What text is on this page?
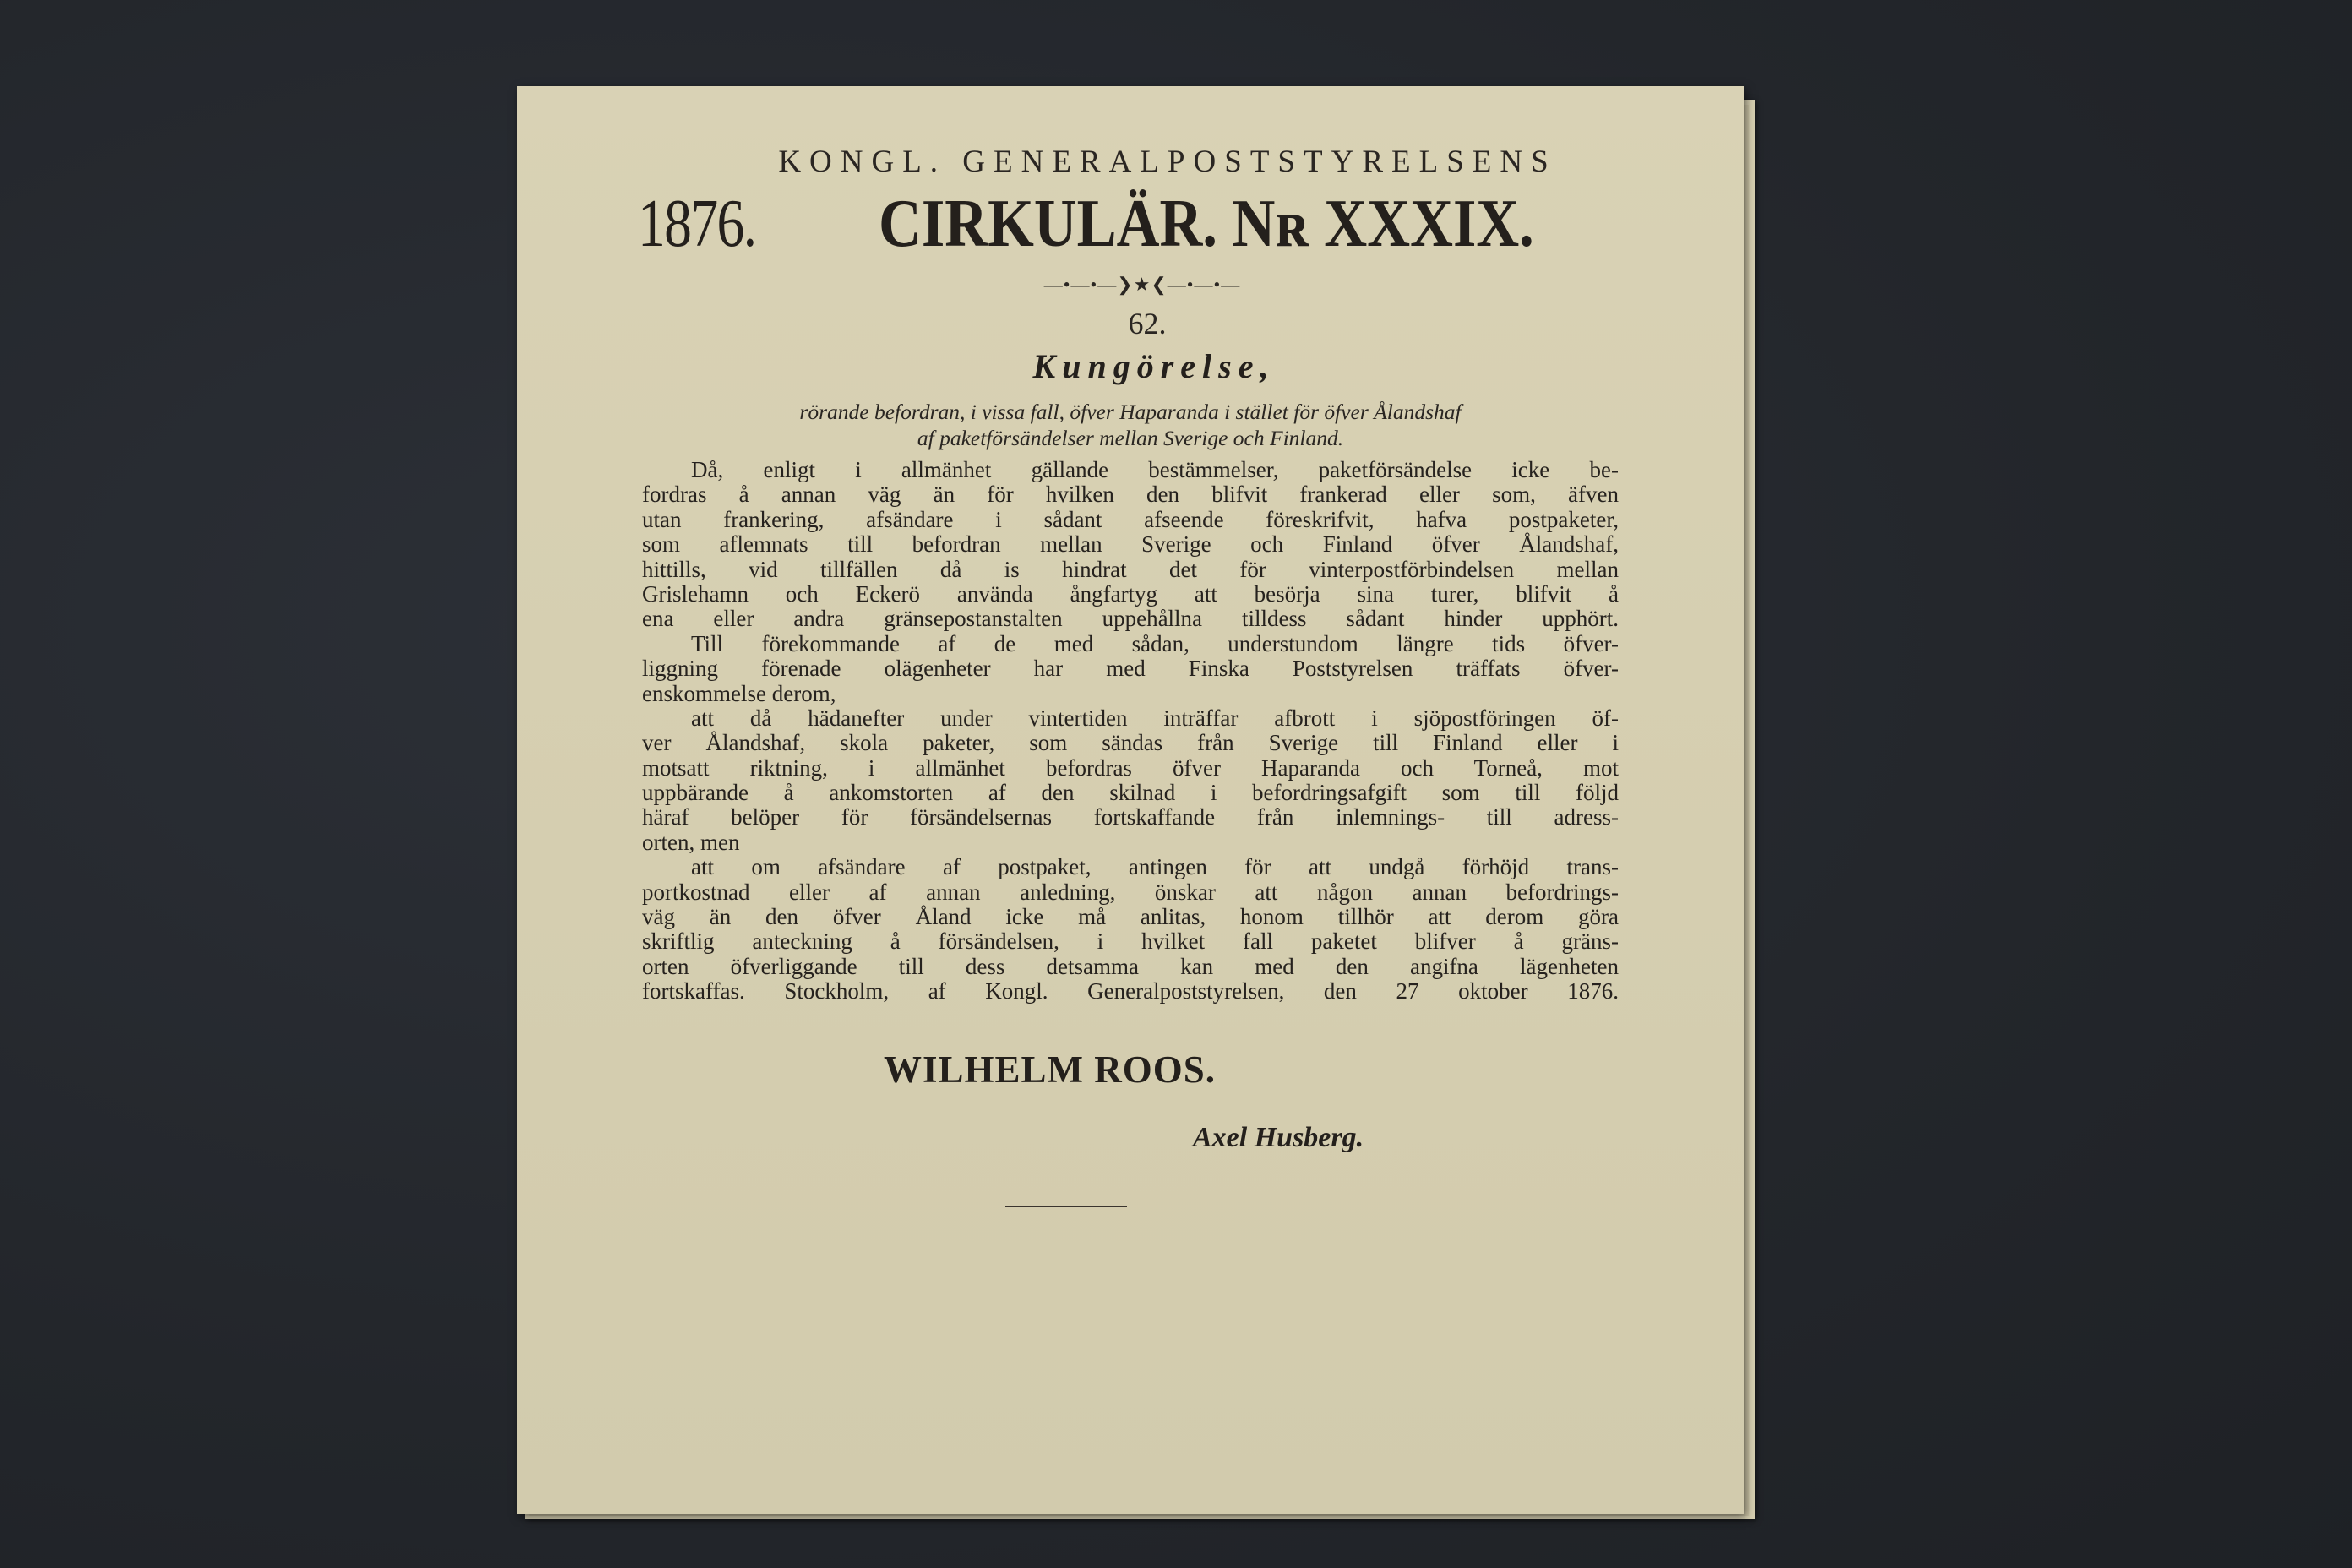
KONGL. GENERALPOSTSTYRELSENS
1876. CIRKULÄR. Nʀ XXXIX.
—•—•—❯★❮—•—•—
62.
Kungörelse,
rörande befordran, i vissa fall, öfver Haparanda i stället för öfver Ålandshaf
af paketförsändelser mellan Sverige och Finland.
Då, enligt i allmänhet gällande bestämmelser, paketförsändelse icke be-
fordras å annan väg än för hvilken den blifvit frankerad eller som, äfven
utan frankering, afsändare i sådant afseende föreskrifvit, hafva postpaketer,
som aflemnats till befordran mellan Sverige och Finland öfver Ålandshaf,
hittills, vid tillfällen då is hindrat det för vinterpostförbindelsen mellan
Grislehamn och Eckerö använda ångfartyg att besörja sina turer, blifvit å
ena eller andra gränsepostanstalten uppehållna tilldess sådant hinder upphört.
Till förekommande af de med sådan, understundom längre tids öfver-
liggning förenade olägenheter har med Finska Poststyrelsen träffats öfver-
enskommelse derom,
att då hädanefter under vintertiden inträffar afbrott i sjöpostföringen öf-
ver Ålandshaf, skola paketer, som sändas från Sverige till Finland eller i
motsatt riktning, i allmänhet befordras öfver Haparanda och Torneå, mot
uppbärande å ankomstorten af den skilnad i befordringsafgift som till följd
häraf belöper för försändelsernas fortskaffande från inlemnings- till adress-
orten, men
att om afsändare af postpaket, antingen för att undgå förhöjd trans-
portkostnad eller af annan anledning, önskar att någon annan befordrings-
väg än den öfver Åland icke må anlitas, honom tillhör att derom göra
skriftlig anteckning å försändelsen, i hvilket fall paketet blifver å gräns-
orten öfverliggande till dess detsamma kan med den angifna lägenheten
fortskaffas. Stockholm, af Kongl. Generalpoststyrelsen, den 27 oktober 1876.
WILHELM ROOS.
Axel Husberg.
